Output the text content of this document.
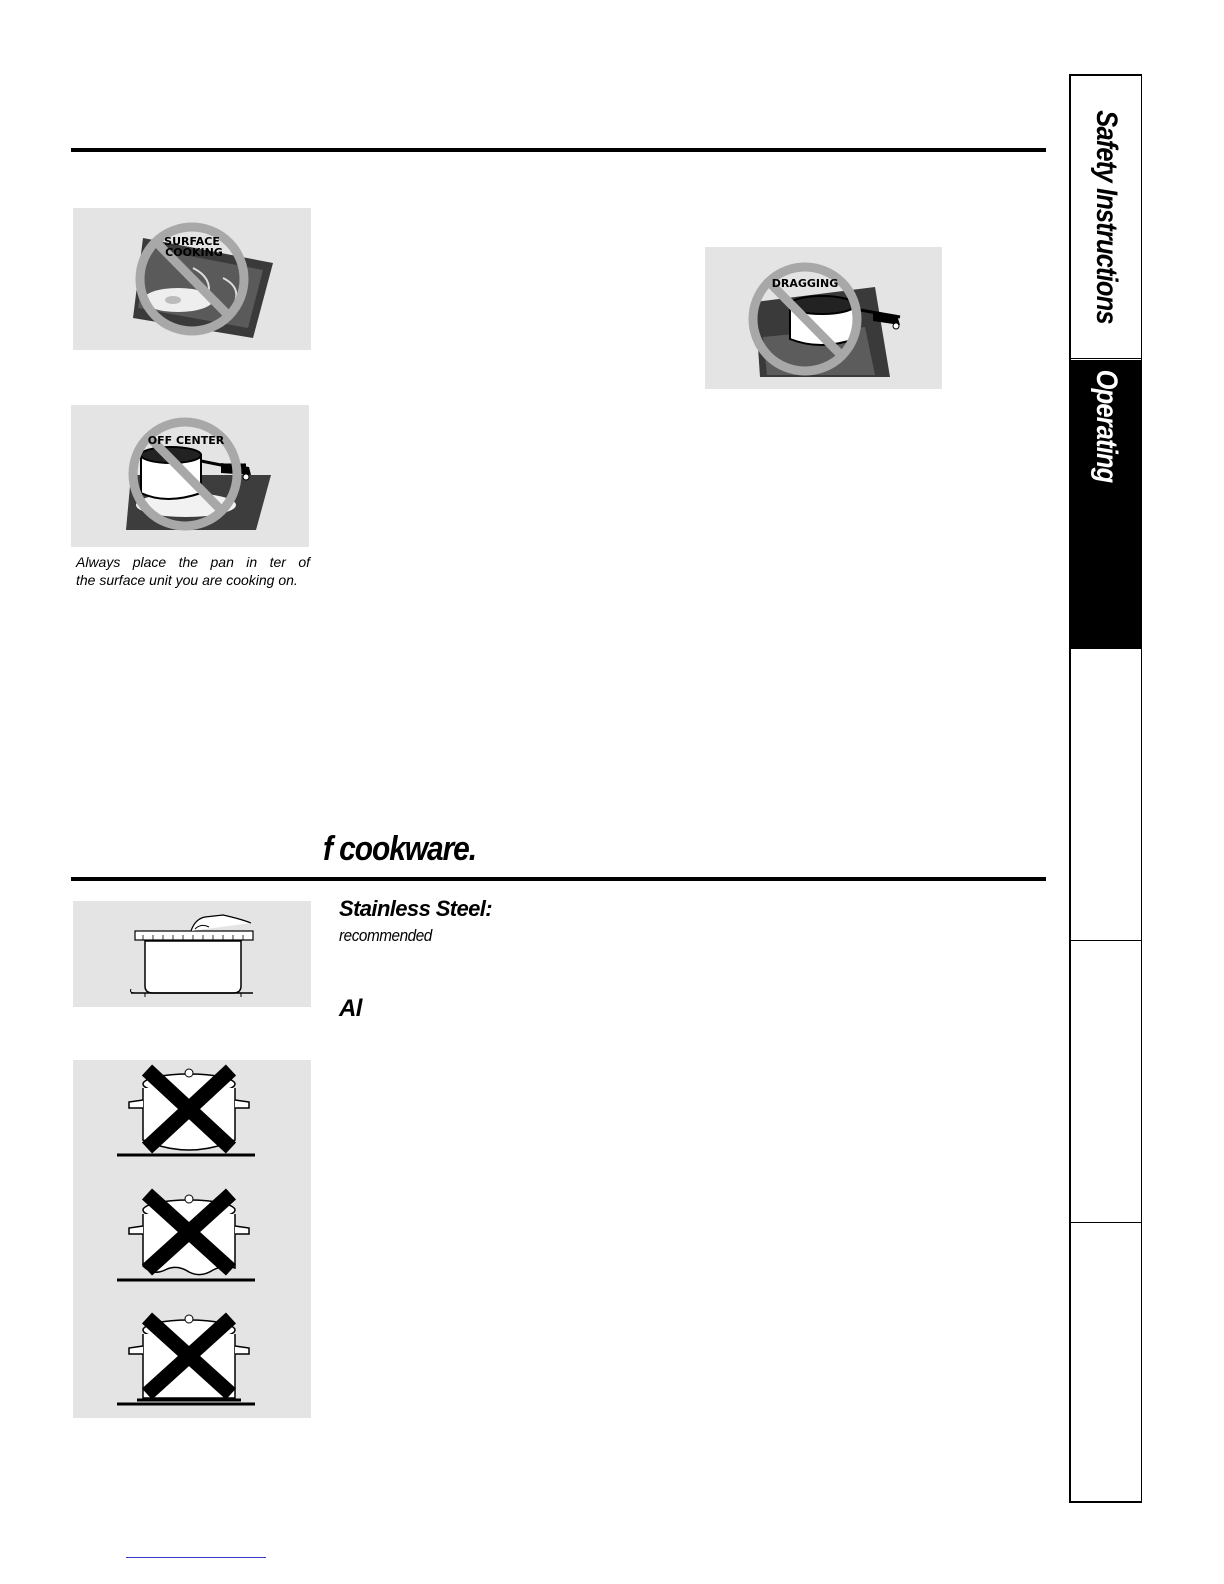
SURFACE
COOKING
OFF CENTER
Always place the pan in ter of
the surface unit you are cooking on.
DRAGGING
f cookware.
Stainless Steel:
recommended
Al
Safety Instructions
Operating
